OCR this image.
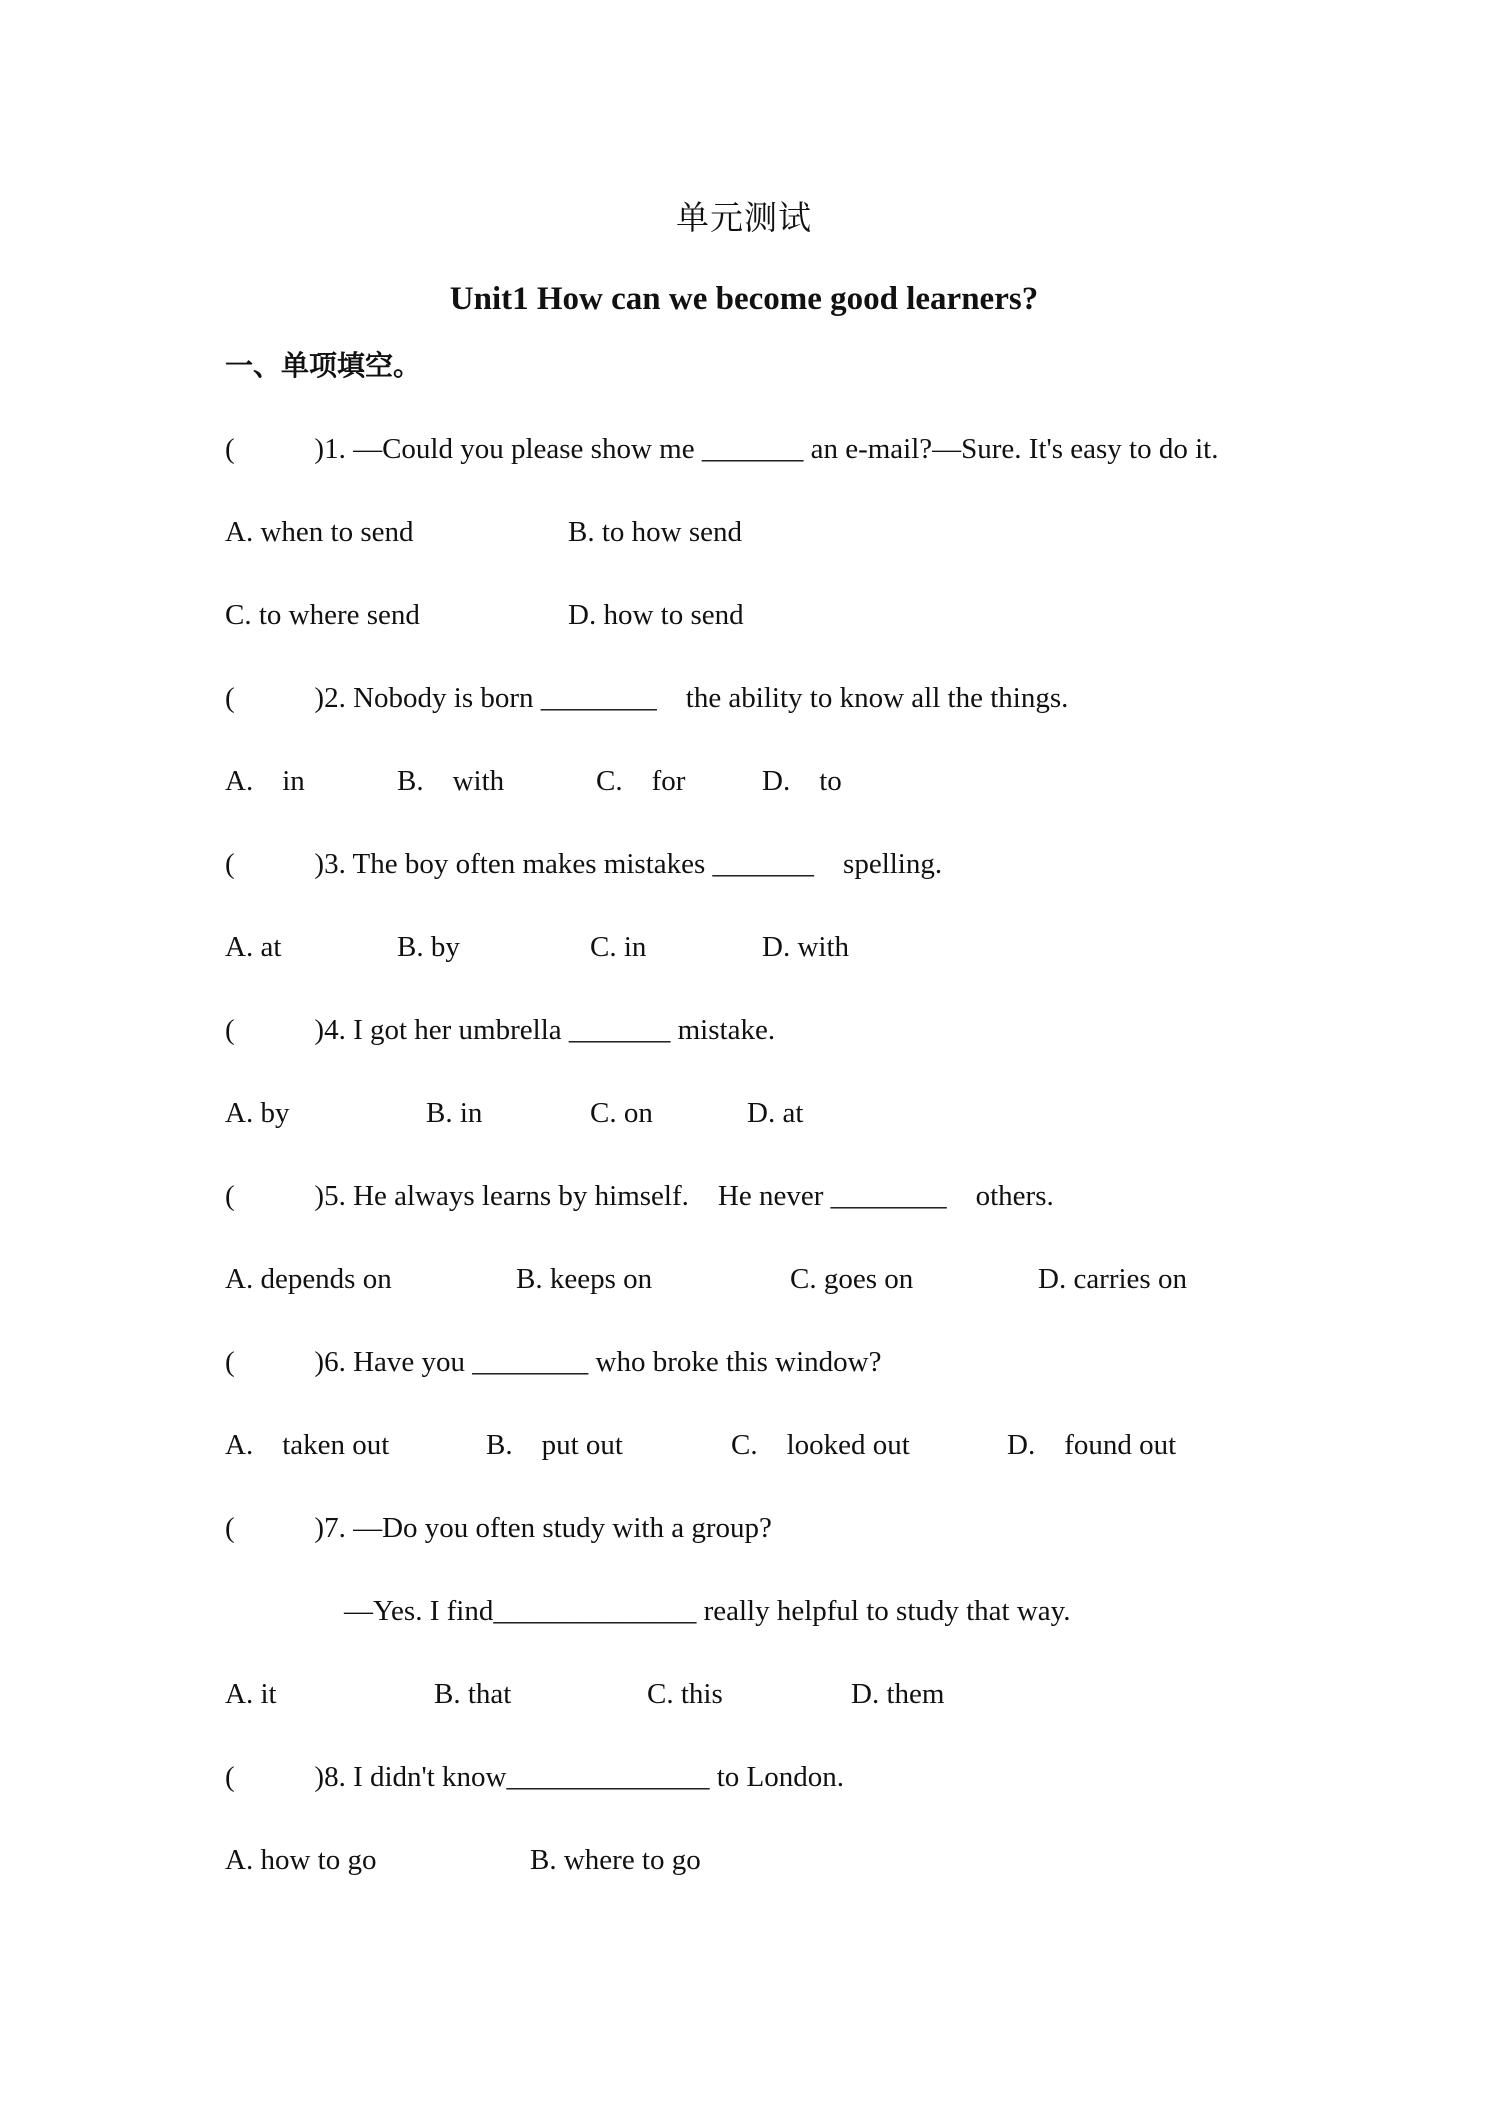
单元测试
Unit1 How can we become good learners?
一、单项填空。

(           )1. —Could you please show me _______ an e-mail?—Sure. It's easy to do it.

A. when to send	B. to how send

C. to where send	D. how to send

(           )2. Nobody is born ________    the ability to know all the things.

A.    in	B.    with	C.    for	D.    to

(           )3. The boy often makes mistakes _______    spelling.

A. at	B. by	C. in	D. with

(           )4. I got her umbrella _______ mistake.

A. by	B. in	C. on	D. at

(           )5. He always learns by himself.    He never ________    others.

A. depends on	B. keeps on	C. goes on	D. carries on

(           )6. Have you ________ who broke this window?

A.    taken out	B.    put out	C.    looked out	D.    found out

(           )7. —Do you often study with a group?

—Yes. I find______________ really helpful to study that way.

A. it	B. that	C. this	D. them

(           )8. I didn't know______________ to London.

A. how to go	B. where to go
